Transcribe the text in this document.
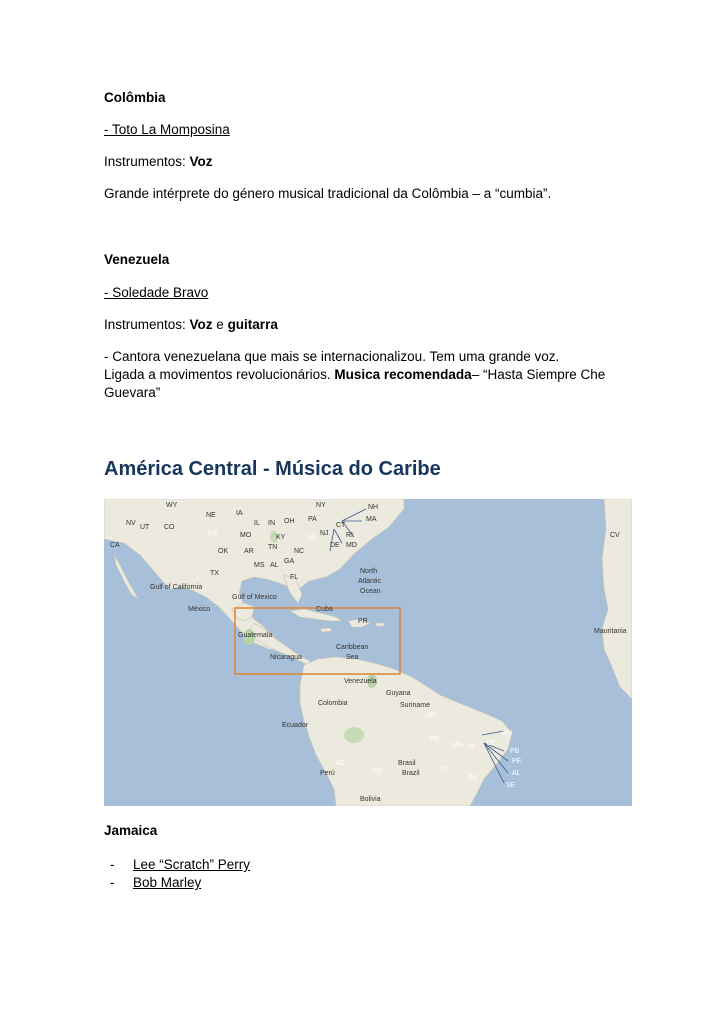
Colômbia
- Toto La Momposina
Instrumentos: Voz
Grande intérprete do género musical tradicional da Colômbia – a “cumbia”.
Venezuela
- Soledade Bravo
Instrumentos: Voz e guitarra
- Cantora venezuelana que mais se internacionalizou. Tem uma grande voz.
Ligada a movimentos revolucionários. Musica recomendada– “Hasta Siempre Che
Guevara”
América Central - Música do Caribe
CA
NV
UT
WY
CO
NE	IA
IL IN OH PA
NY
KS	MO	KY	VA
OK AR
TN
NC
TX
MS AL
GA
FL
NH
MA
CT
RI
NJ
DE MD
México
Gulf of California
Gulf of Mexico
Cuba
PR
Guatemala
Nicaragua
Caribbean
Sea
North
Atlantic
Ocean
Mauritania
CV
Venezuela
Guyana
Suriname
Colombia
Ecuador
Perú
Bolivia
Brasil
Brazil
AP
PA
MA PI
CE
AC
RO	TO
BA
RN
PB
PE
AL
SE
Jamaica
- Lee “Scratch” Perry
- Bob Marley
